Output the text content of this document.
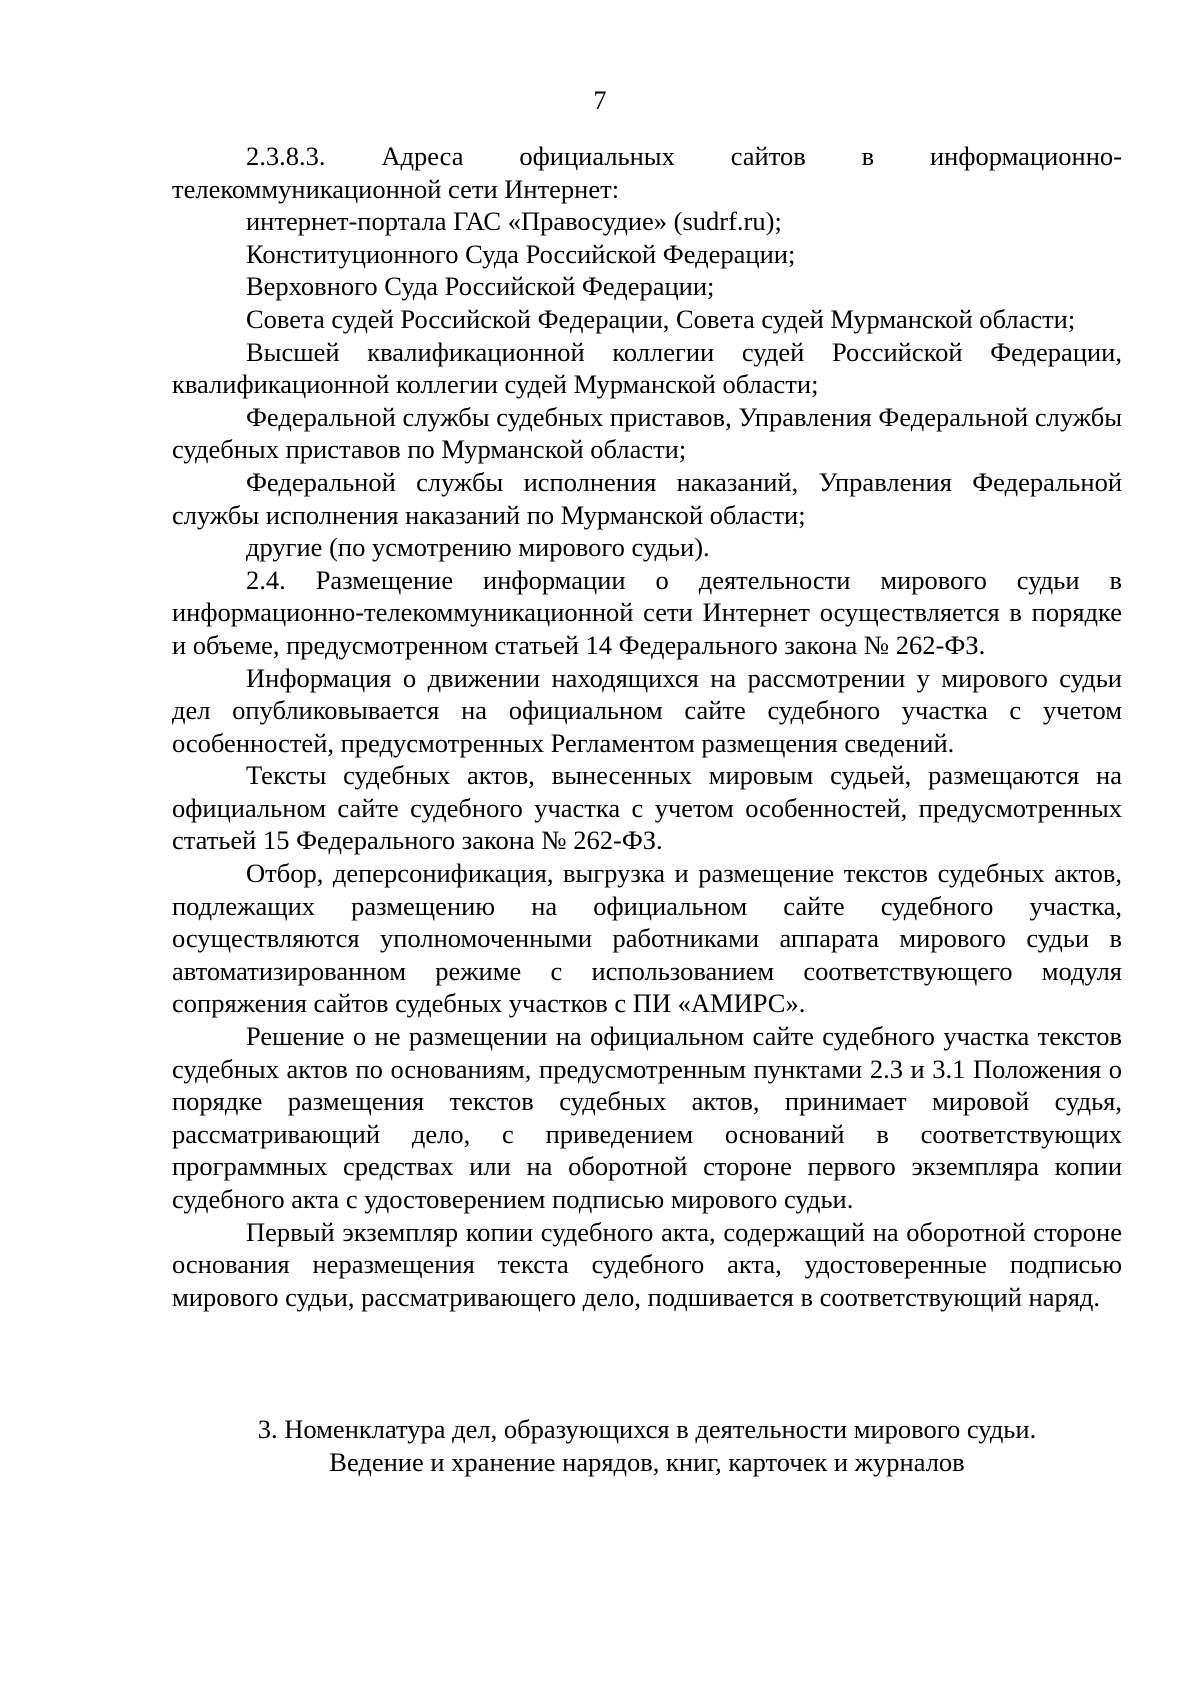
7

2.3.8.3. Адреса официальных сайтов в информационно-телекоммуникационной сети Интернет:

интернет-портала ГАС «Правосудие» (sudrf.ru);

Конституционного Суда Российской Федерации;

Верховного Суда Российской Федерации;

Совета судей Российской Федерации, Совета судей Мурманской области;

Высшей квалификационной коллегии судей Российской Федерации, квалификационной коллегии судей Мурманской области;

Федеральной службы судебных приставов, Управления Федеральной службы судебных приставов по Мурманской области;

Федеральной службы исполнения наказаний, Управления Федеральной службы исполнения наказаний по Мурманской области;

другие (по усмотрению мирового судьи).

2.4. Размещение информации о деятельности мирового судьи в информационно-телекоммуникационной сети Интернет осуществляется в порядке и объеме, предусмотренном статьей 14 Федерального закона № 262-ФЗ.

Информация о движении находящихся на рассмотрении у мирового судьи дел опубликовывается на официальном сайте судебного участка с учетом особенностей, предусмотренных Регламентом размещения сведений.

Тексты судебных актов, вынесенных мировым судьей, размещаются на официальном сайте судебного участка с учетом особенностей, предусмотренных статьей 15 Федерального закона № 262-ФЗ.

Отбор, деперсонификация, выгрузка и размещение текстов судебных актов, подлежащих размещению на официальном сайте судебного участка, осуществляются уполномоченными работниками аппарата мирового судьи в автоматизированном режиме с использованием соответствующего модуля сопряжения сайтов судебных участков с ПИ «АМИРС».

Решение о не размещении на официальном сайте судебного участка текстов судебных актов по основаниям, предусмотренным пунктами 2.3 и 3.1 Положения о порядке размещения текстов судебных актов, принимает мировой судья, рассматривающий дело, с приведением оснований в соответствующих программных средствах или на оборотной стороне первого экземпляра копии судебного акта с удостоверением подписью мирового судьи.

Первый экземпляр копии судебного акта, содержащий на оборотной стороне основания неразмещения текста судебного акта, удостоверенные подписью мирового судьи, рассматривающего дело, подшивается в соответствующий наряд.

3. Номенклатура дел, образующихся в деятельности мирового судьи.
Ведение и хранение нарядов, книг, карточек и журналов
